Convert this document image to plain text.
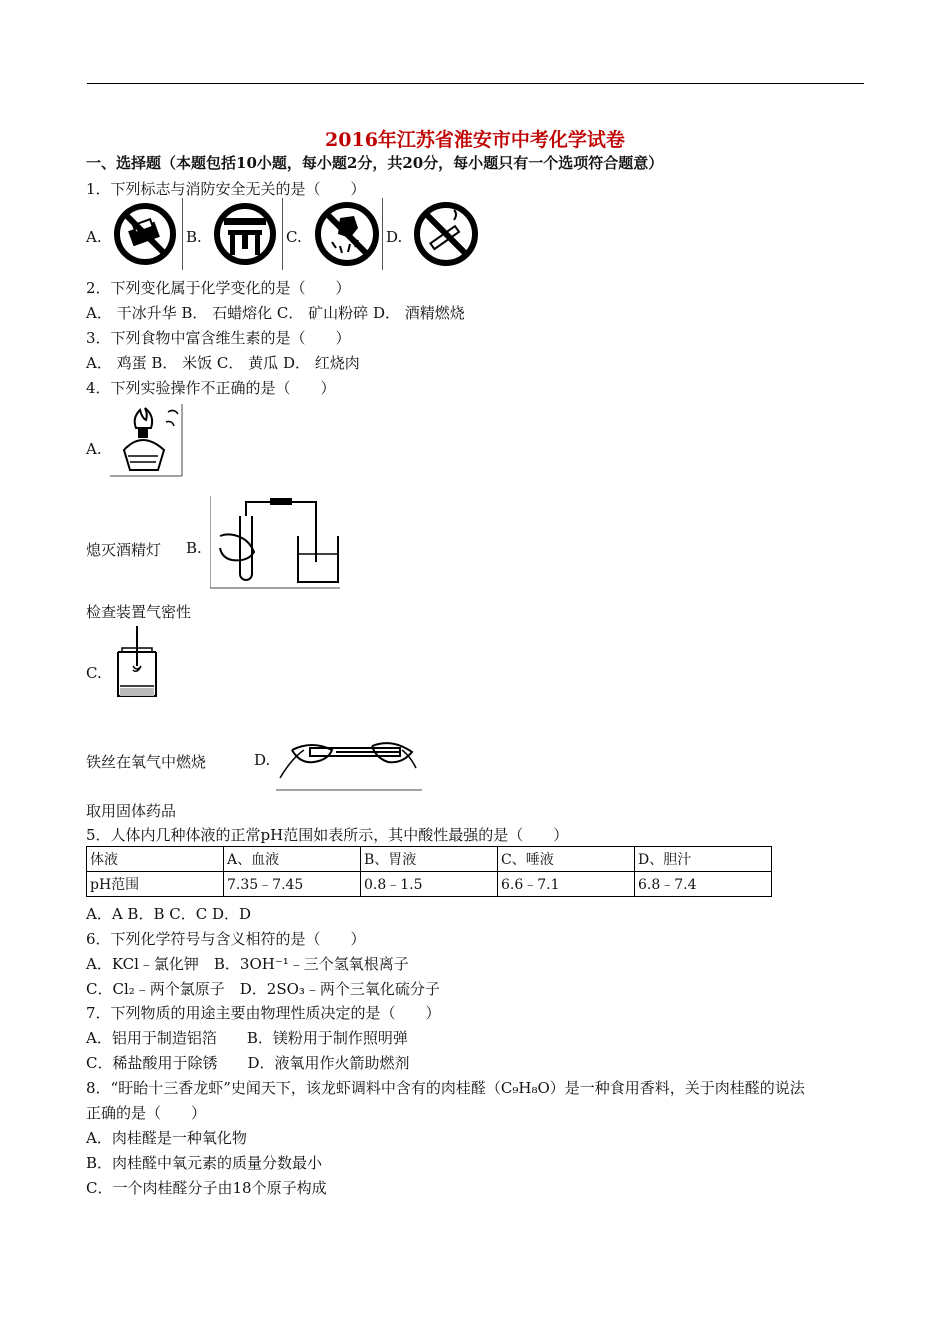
2016年江苏省淮安市中考化学试卷
一、选择题（本题包括10小题，每小题2分，共20分，每小题只有一个选项符合题意）
1．下列标志与消防安全无关的是（　　）
A.	B.	C.	D.
2．下列变化属于化学变化的是（　　）
A． 干冰升华 B． 石蜡熔化 C． 矿山粉碎 D． 酒精燃烧
3．下列食物中富含维生素的是（　　）
A． 鸡蛋 B． 米饭 C． 黄瓜 D． 红烧肉
4．下列实验操作不正确的是（　　）
A.
熄灭酒精灯 B.
检查装置气密性
C.
铁丝在氧气中燃烧	D.
取用固体药品
5．人体内几种体液的正常pH范围如表所示，其中酸性最强的是（　　）
体液	A、血液	B、胃液	C、唾液	D、胆汁
pH范围	7.35﹣7.45	0.8﹣1.5	6.6﹣7.1	6.8﹣7.4
A．A B．B C．C D．D
6．下列化学符号与含义相符的是（　　）
A．KCl﹣氯化钾　B．3OH⁻¹﹣三个氢氧根离子
C．Cl₂﹣两个氯原子　D．2SO₃﹣两个三氧化硫分子
7．下列物质的用途主要由物理性质决定的是（　　）
A．铝用于制造铝箔　　B．镁粉用于制作照明弹
C．稀盐酸用于除锈　　D．液氧用作火箭助燃剂
8．“盱眙十三香龙虾”史闻天下，该龙虾调料中含有的肉桂醛（C₉H₈O）是一种食用香料，关于肉桂醛的说法
正确的是（　　）
A．肉桂醛是一种氧化物
B．肉桂醛中氧元素的质量分数最小
C．一个肉桂醛分子由18个原子构成
